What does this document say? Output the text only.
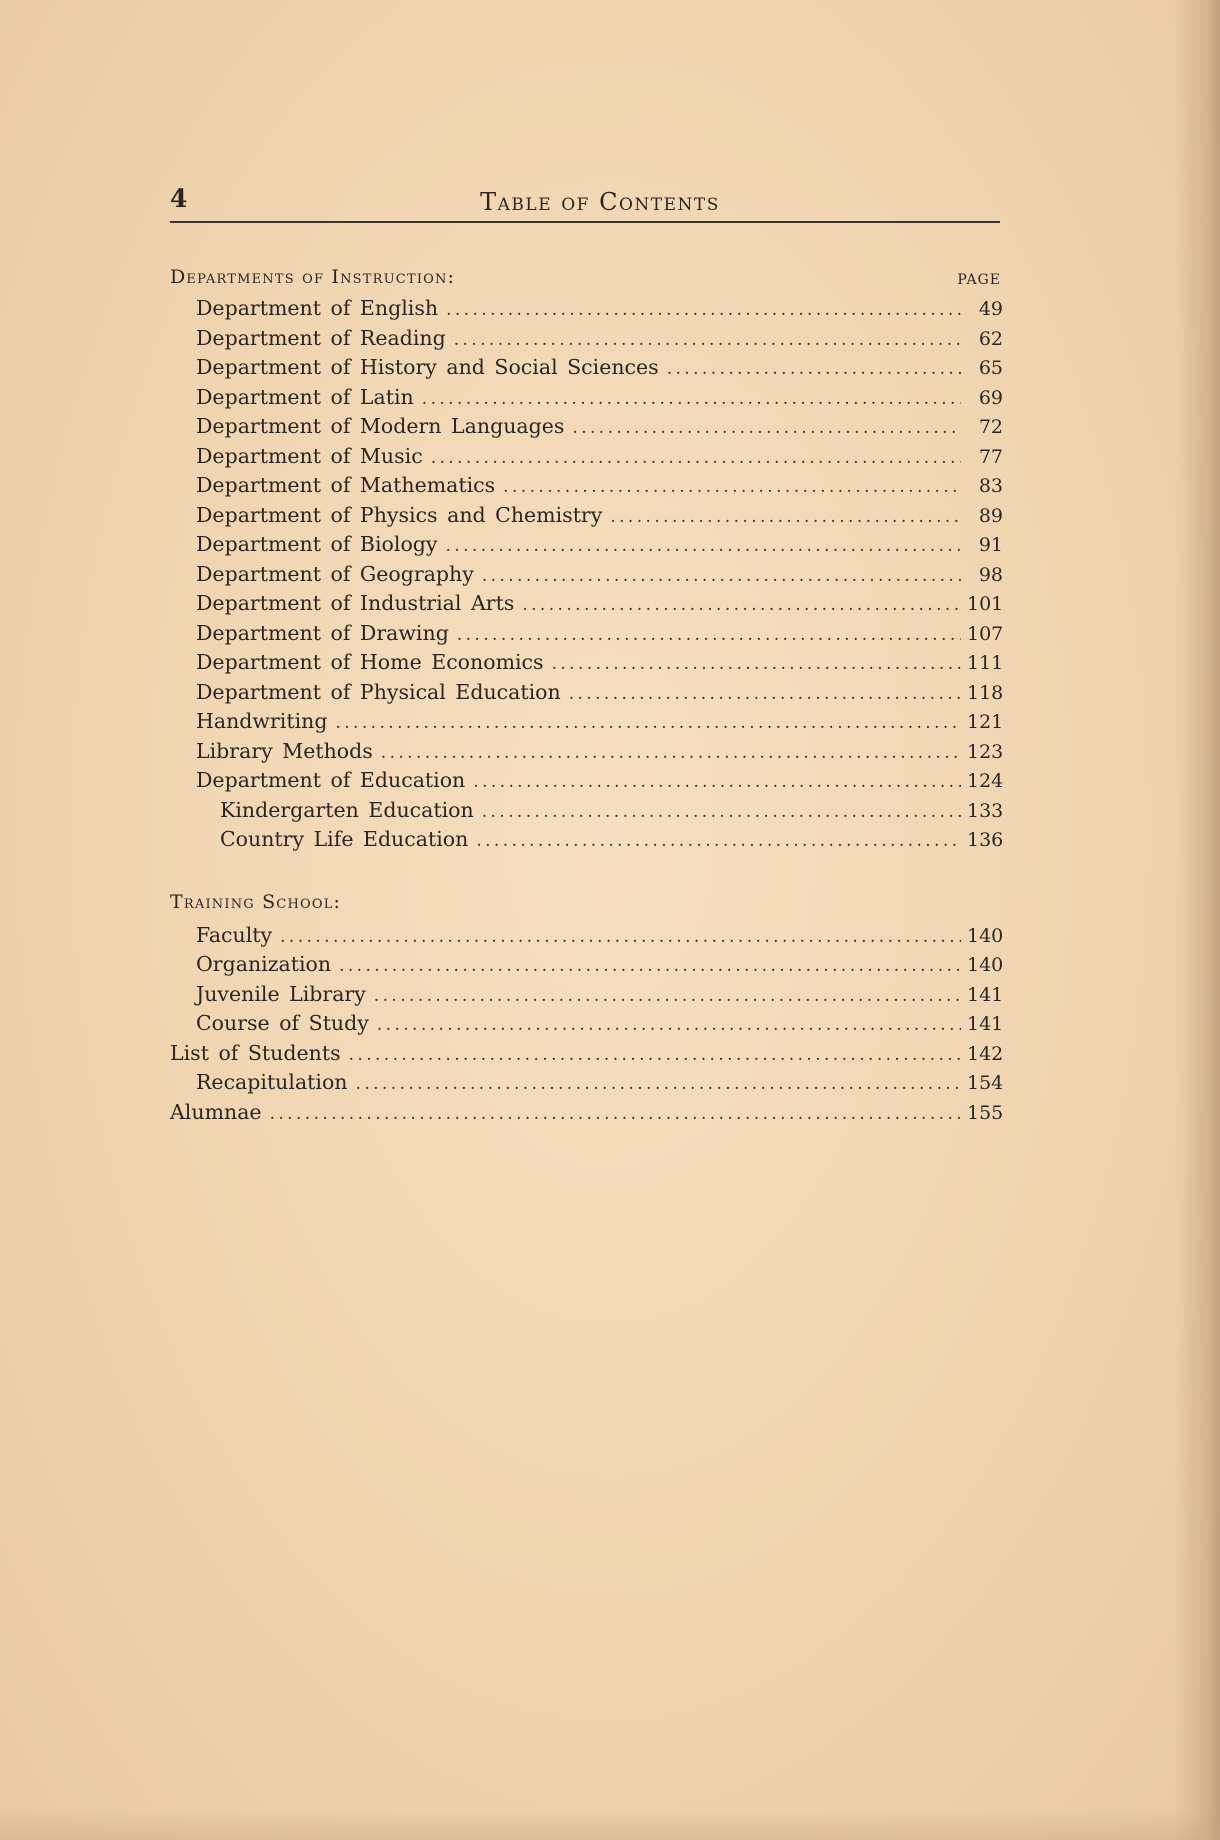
4	Table of Contents
Departments of Instruction:	PAGE
Department of English .....	49
Department of Reading .....	62
Department of History and Social Sciences .....	65
Department of Latin .....	69
Department of Modern Languages .....	72
Department of Music .....	77
Department of Mathematics .....	83
Department of Physics and Chemistry .....	89
Department of Biology .....	91
Department of Geography .....	98
Department of Industrial Arts .....	101
Department of Drawing .....	107
Department of Home Economics .....	111
Department of Physical Education .....	118
Handwriting .....	121
Library Methods .....	123
Department of Education .....	124
Kindergarten Education .....	133
Country Life Education .....	136
Training School:
Faculty .....	140
Organization .....	140
Juvenile Library .....	141
Course of Study .....	141
List of Students .....	142
Recapitulation .....	154
Alumnae .....	155
